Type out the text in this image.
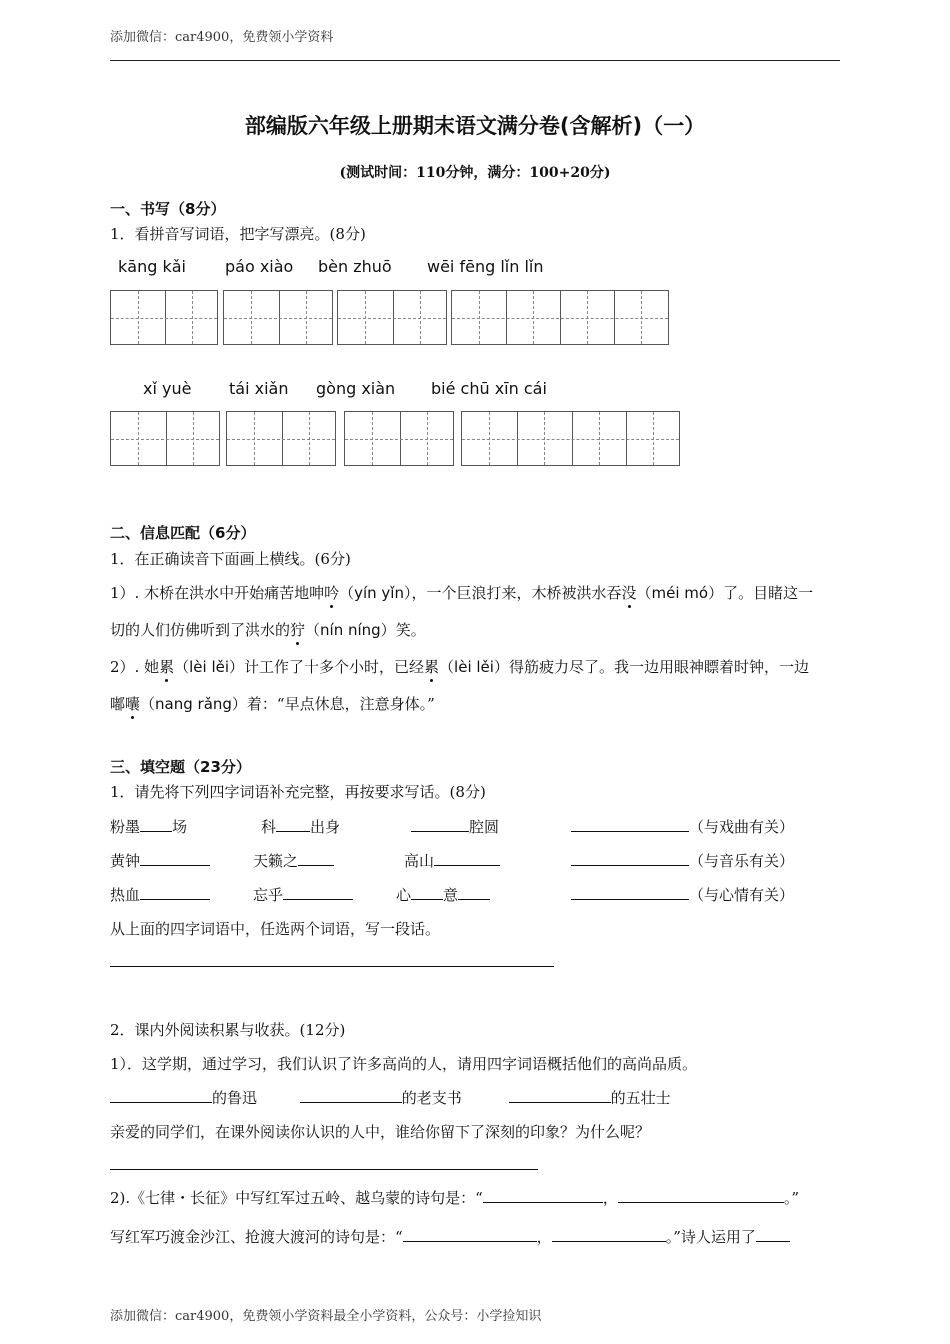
添加微信：car4900，免费领小学资料
部编版六年级上册期末语文满分卷(含解析)（一）
(测试时间：110分钟，满分：100+20分)
一、书写（8分）
1．看拼音写词语，把字写漂亮。(8分)
kāng kǎi páo xiào bèn zhuō wēi fēng lǐn lǐn
xǐ yuè tái xiǎn gòng xiàn bié chū xīn cái
二、信息匹配（6分）
1．在正确读音下面画上横线。(6分)
1）. 木桥在洪水中开始痛苦地呻吟（yín yǐn），一个巨浪打来，木桥被洪水吞没（méi mó）了。目睹这一
切的人们仿佛听到了洪水的狞（nín níng）笑。
2）. 她累（lèi lěi）计工作了十多个小时，已经累（lèi lěi）得筋疲力尽了。我一边用眼神瞟着时钟，一边
嘟囔（nang rǎng）着：“早点休息，注意身体。”
三、填空题（23分）
1．请先将下列四字词语补充完整，再按要求写话。(8分)
粉墨 场	科 出身	腔圆	（与戏曲有关）
黄钟	天籁之	高山	（与音乐有关）
热血	忘乎	心 意	（与心情有关）
从上面的四字词语中，任选两个词语，写一段话。
2．课内外阅读积累与收获。(12分)
1）．这学期，通过学习，我们认识了许多高尚的人，请用四字词语概括他们的高尚品质。
的鲁迅	的老支书	的五壮士
亲爱的同学们，在课外阅读你认识的人中，谁给你留下了深刻的印象？为什么呢？
2).《七律・长征》中写红军过五岭、越乌蒙的诗句是：“	，	。”
写红军巧渡金沙江、抢渡大渡河的诗句是：“	，	。”诗人运用了
添加微信：car4900，免费领小学资料最全小学资料，公众号：小学捡知识
